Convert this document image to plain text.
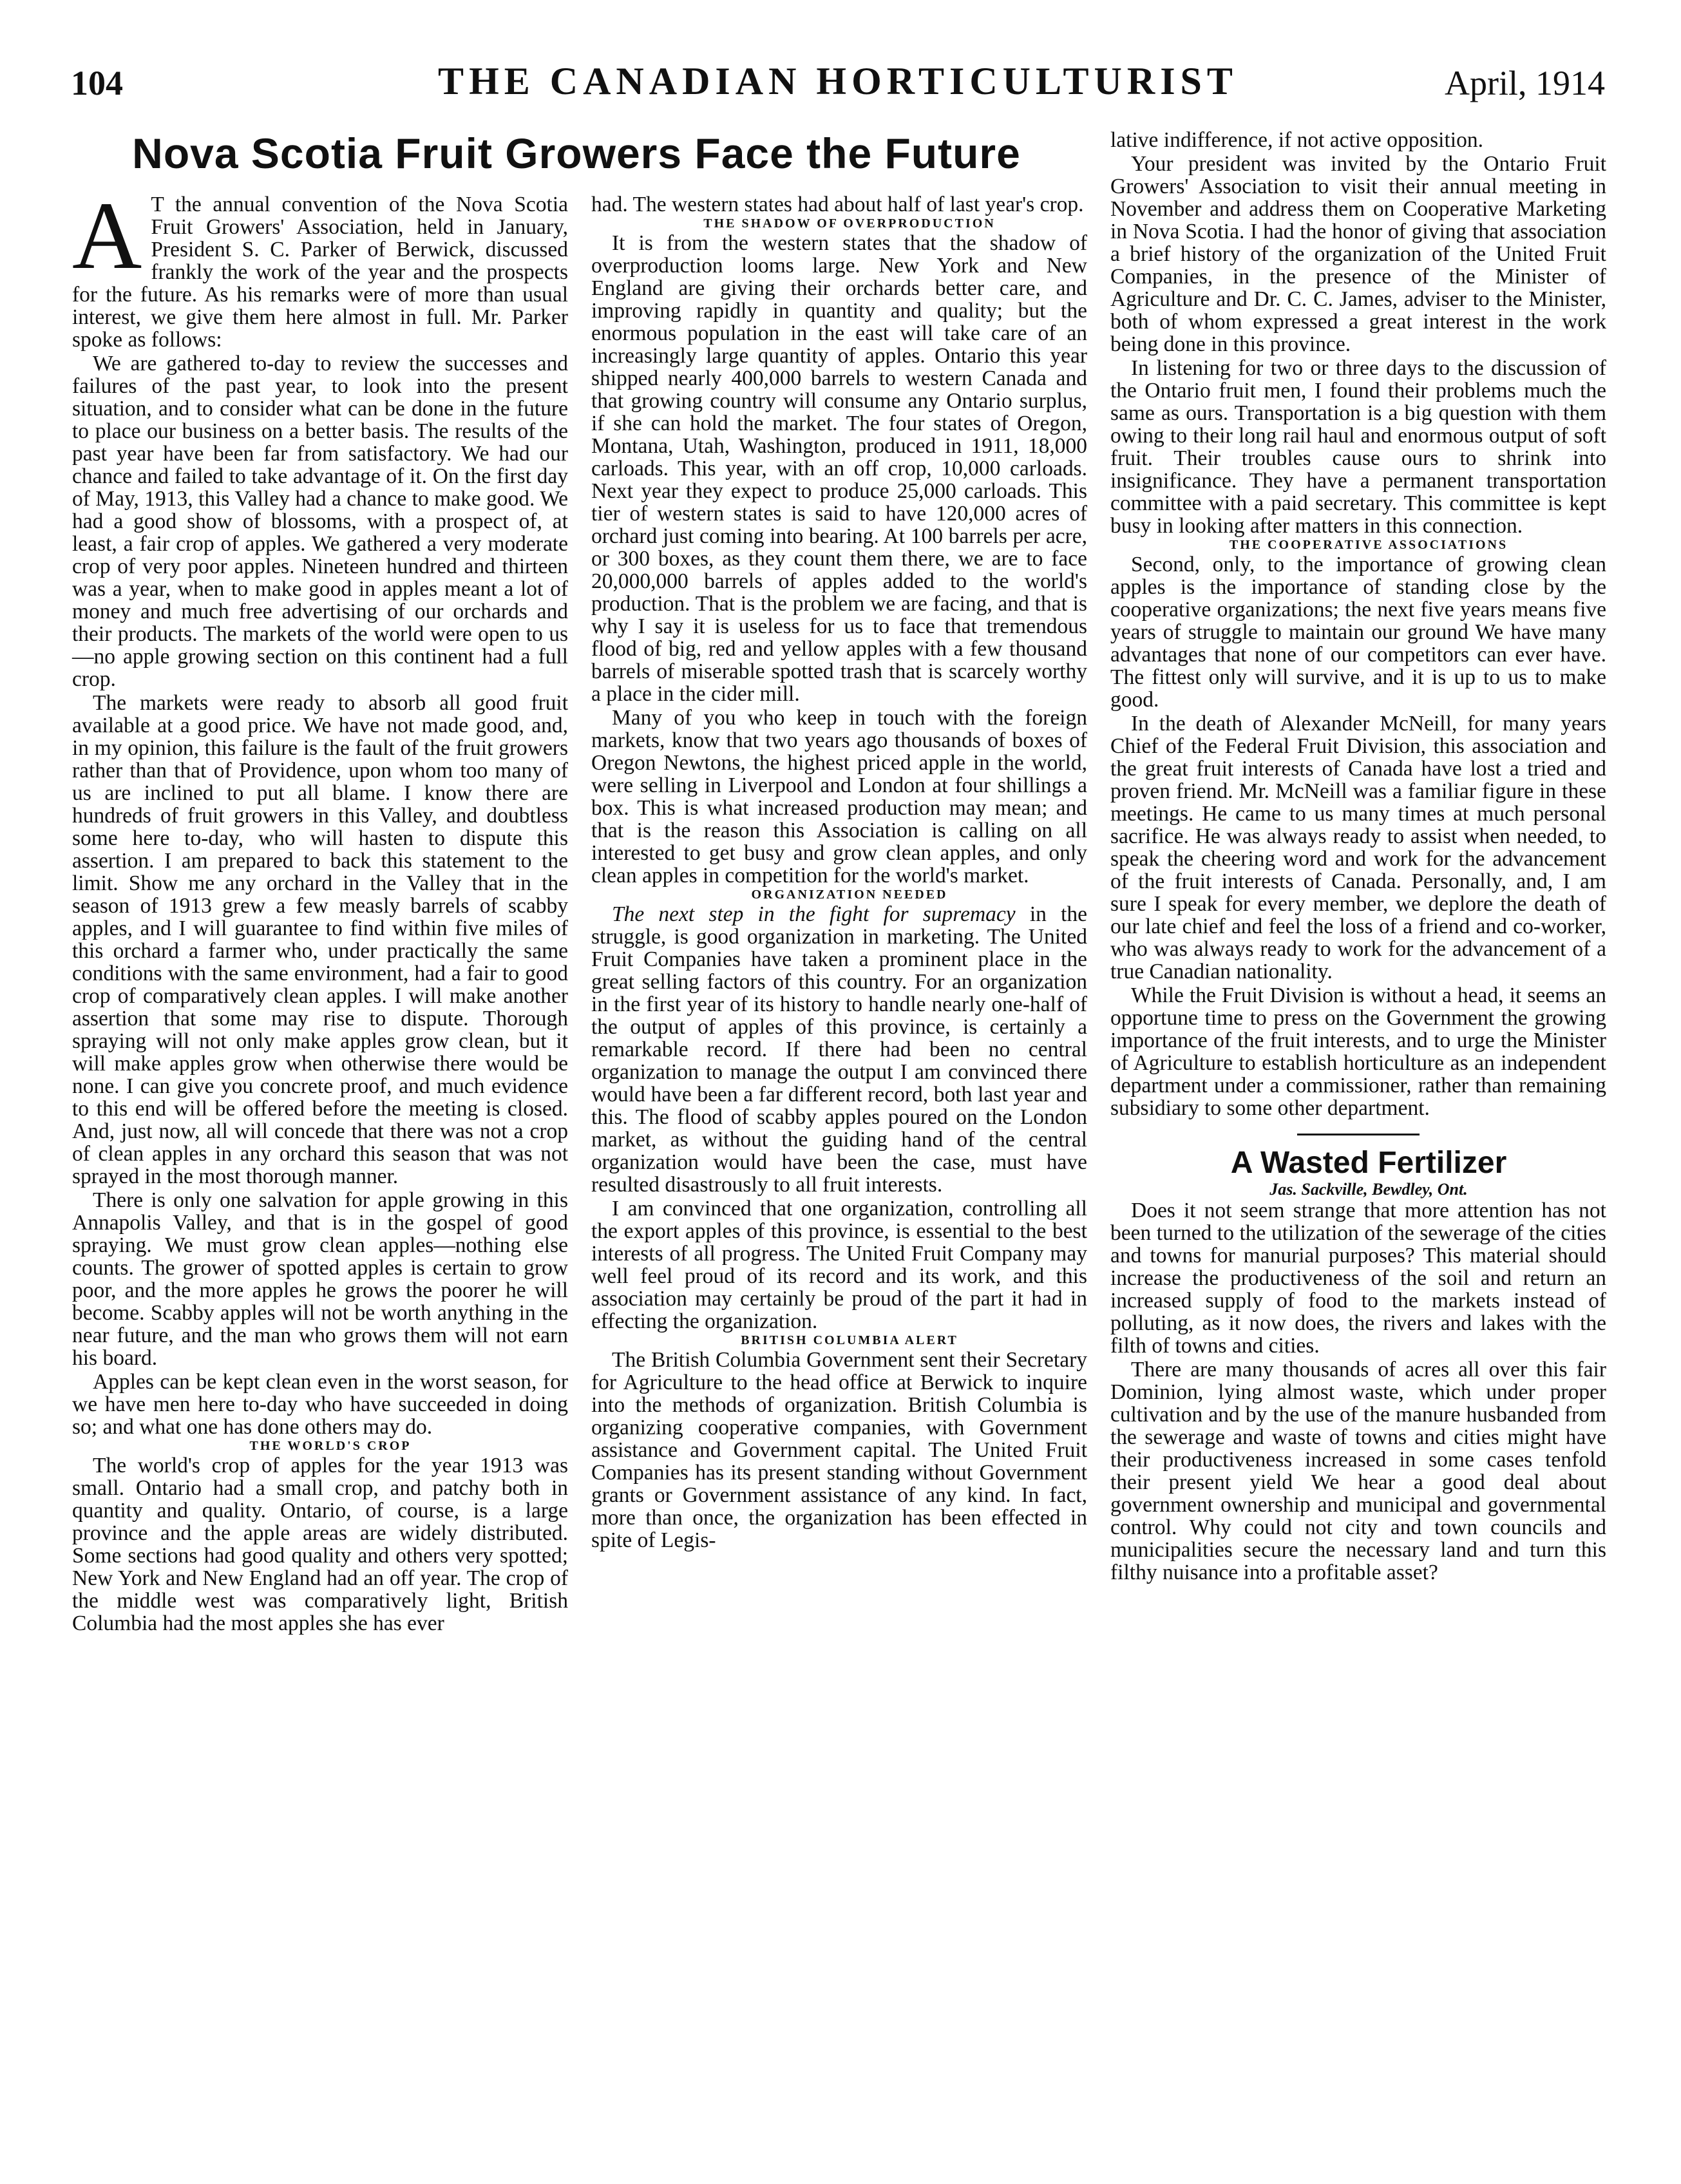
104	THE CANADIAN HORTICULTURIST	April, 1914
Nova Scotia Fruit Growers Face the Future

A T the annual convention of the Nova Scotia Fruit Growers' Association, held in January, President S. C. Parker of Berwick, discussed frankly the work of the year and the prospects for the future. As his remarks were of more than usual interest, we give them here almost in full. Mr. Parker spoke as follows:

We are gathered to-day to review the successes and failures of the past year, to look into the present situation, and to consider what can be done in the future to place our business on a better basis. The results of the past year have been far from satisfactory. We had our chance and failed to take advantage of it. On the first day of May, 1913, this Valley had a chance to make good. We had a good show of blossoms, with a prospect of, at least, a fair crop of apples. We gathered a very moderate crop of very poor apples. Nineteen hundred and thirteen was a year, when to make good in apples meant a lot of money and much free advertising of our orchards and their products. The markets of the world were open to us—no apple growing section on this continent had a full crop.

The markets were ready to absorb all good fruit available at a good price. We have not made good, and, in my opinion, this failure is the fault of the fruit growers rather than that of Providence, upon whom too many of us are inclined to put all blame. I know there are hundreds of fruit growers in this Valley, and doubtless some here to-day, who will hasten to dispute this assertion. I am prepared to back this statement to the limit. Show me any orchard in the Valley that in the season of 1913 grew a few measly barrels of scabby apples, and I will guarantee to find within five miles of this orchard a farmer who, under practically the same conditions with the same environment, had a fair to good crop of comparatively clean apples. I will make another assertion that some may rise to dispute. Thorough spraying will not only make apples grow clean, but it will make apples grow when otherwise there would be none. I can give you concrete proof, and much evidence to this end will be offered before the meeting is closed. And, just now, all will concede that there was not a crop of clean apples in any orchard this season that was not sprayed in the most thorough manner.

There is only one salvation for apple growing in this Annapolis Valley, and that is in the gospel of good spraying. We must grow clean apples—nothing else counts. The grower of spotted apples is certain to grow poor, and the more apples he grows the poorer he will become. Scabby apples will not be worth anything in the near future, and the man who grows them will not earn his board.

Apples can be kept clean even in the worst season, for we have men here to-day who have succeeded in doing so; and what one has done others may do.

THE WORLD'S CROP

The world's crop of apples for the year 1913 was small. Ontario had a small crop, and patchy both in quantity and quality. Ontario, of course, is a large province and the apple areas are widely distributed. Some sections had good quality and others very spotted; New York and New England had an off year. The crop of the middle west was comparatively light, British Columbia had the most apples she has ever

had. The western states had about half of last year's crop.

THE SHADOW OF OVERPRODUCTION

It is from the western states that the shadow of overproduction looms large. New York and New England are giving their orchards better care, and improving rapidly in quantity and quality; but the enormous population in the east will take care of an increasingly large quantity of apples. Ontario this year shipped nearly 400,000 barrels to western Canada and that growing country will consume any Ontario surplus, if she can hold the market. The four states of Oregon, Montana, Utah, Washington, produced in 1911, 18,000 carloads. This year, with an off crop, 10,000 carloads. Next year they expect to produce 25,000 carloads. This tier of western states is said to have 120,000 acres of orchard just coming into bearing. At 100 barrels per acre, or 300 boxes, as they count them there, we are to face 20,000,000 barrels of apples added to the world's production. That is the problem we are facing, and that is why I say it is useless for us to face that tremendous flood of big, red and yellow apples with a few thousand barrels of miserable spotted trash that is scarcely worthy a place in the cider mill.

Many of you who keep in touch with the foreign markets, know that two years ago thousands of boxes of Oregon Newtons, the highest priced apple in the world, were selling in Liverpool and London at four shillings a box. This is what increased production may mean; and that is the reason this Association is calling on all interested to get busy and grow clean apples, and only clean apples in competition for the world's market.

ORGANIZATION NEEDED

The next step in the fight for supremacy in the struggle, is good organization in marketing. The United Fruit Companies have taken a prominent place in the great selling factors of this country. For an organization in the first year of its history to handle nearly one-half of the output of apples of this province, is certainly a remarkable record. If there had been no central organization to manage the output I am convinced there would have been a far different record, both last year and this. The flood of scabby apples poured on the London market, as without the guiding hand of the central organization would have been the case, must have resulted disastrously to all fruit interests.

I am convinced that one organization, controlling all the export apples of this province, is essential to the best interests of all progress. The United Fruit Company may well feel proud of its record and its work, and this association may certainly be proud of the part it had in effecting the organization.

BRITISH COLUMBIA ALERT

The British Columbia Government sent their Secretary for Agriculture to the head office at Berwick to inquire into the methods of organization. British Columbia is organizing cooperative companies, with Government assistance and Government capital. The United Fruit Companies has its present standing without Government grants or Government assistance of any kind. In fact, more than once, the organization has been effected in spite of Legis-

lative indifference, if not active opposition.

Your president was invited by the Ontario Fruit Growers' Association to visit their annual meeting in November and address them on Cooperative Marketing in Nova Scotia. I had the honor of giving that association a brief history of the organization of the United Fruit Companies, in the presence of the Minister of Agriculture and Dr. C. C. James, adviser to the Minister, both of whom expressed a great interest in the work being done in this province.

In listening for two or three days to the discussion of the Ontario fruit men, I found their problems much the same as ours. Transportation is a big question with them owing to their long rail haul and enormous output of soft fruit. Their troubles cause ours to shrink into insignificance. They have a permanent transportation committee with a paid secretary. This committee is kept busy in looking after matters in this connection.

THE COOPERATIVE ASSOCIATIONS

Second, only, to the importance of growing clean apples is the importance of standing close by the cooperative organizations; the next five years means five years of struggle to maintain our ground We have many advantages that none of our competitors can ever have. The fittest only will survive, and it is up to us to make good.

In the death of Alexander McNeill, for many years Chief of the Federal Fruit Division, this association and the great fruit interests of Canada have lost a tried and proven friend. Mr. McNeill was a familiar figure in these meetings. He came to us many times at much personal sacrifice. He was always ready to assist when needed, to speak the cheering word and work for the advancement of the fruit interests of Canada. Personally, and, I am sure I speak for every member, we deplore the death of our late chief and feel the loss of a friend and co-worker, who was always ready to work for the advancement of a true Canadian nationality.

While the Fruit Division is without a head, it seems an opportune time to press on the Government the growing importance of the fruit interests, and to urge the Minister of Agriculture to establish horticulture as an independent department under a commissioner, rather than remaining subsidiary to some other department.

A Wasted Fertilizer

Jas. Sackville, Bewdley, Ont.

Does it not seem strange that more attention has not been turned to the utilization of the sewerage of the cities and towns for manurial purposes? This material should increase the productiveness of the soil and return an increased supply of food to the markets instead of polluting, as it now does, the rivers and lakes with the filth of towns and cities.

There are many thousands of acres all over this fair Dominion, lying almost waste, which under proper cultivation and by the use of the manure husbanded from the sewerage and waste of towns and cities might have their productiveness increased in some cases tenfold their present yield We hear a good deal about government ownership and municipal and governmental control. Why could not city and town councils and municipalities secure the necessary land and turn this filthy nuisance into a profitable asset?
